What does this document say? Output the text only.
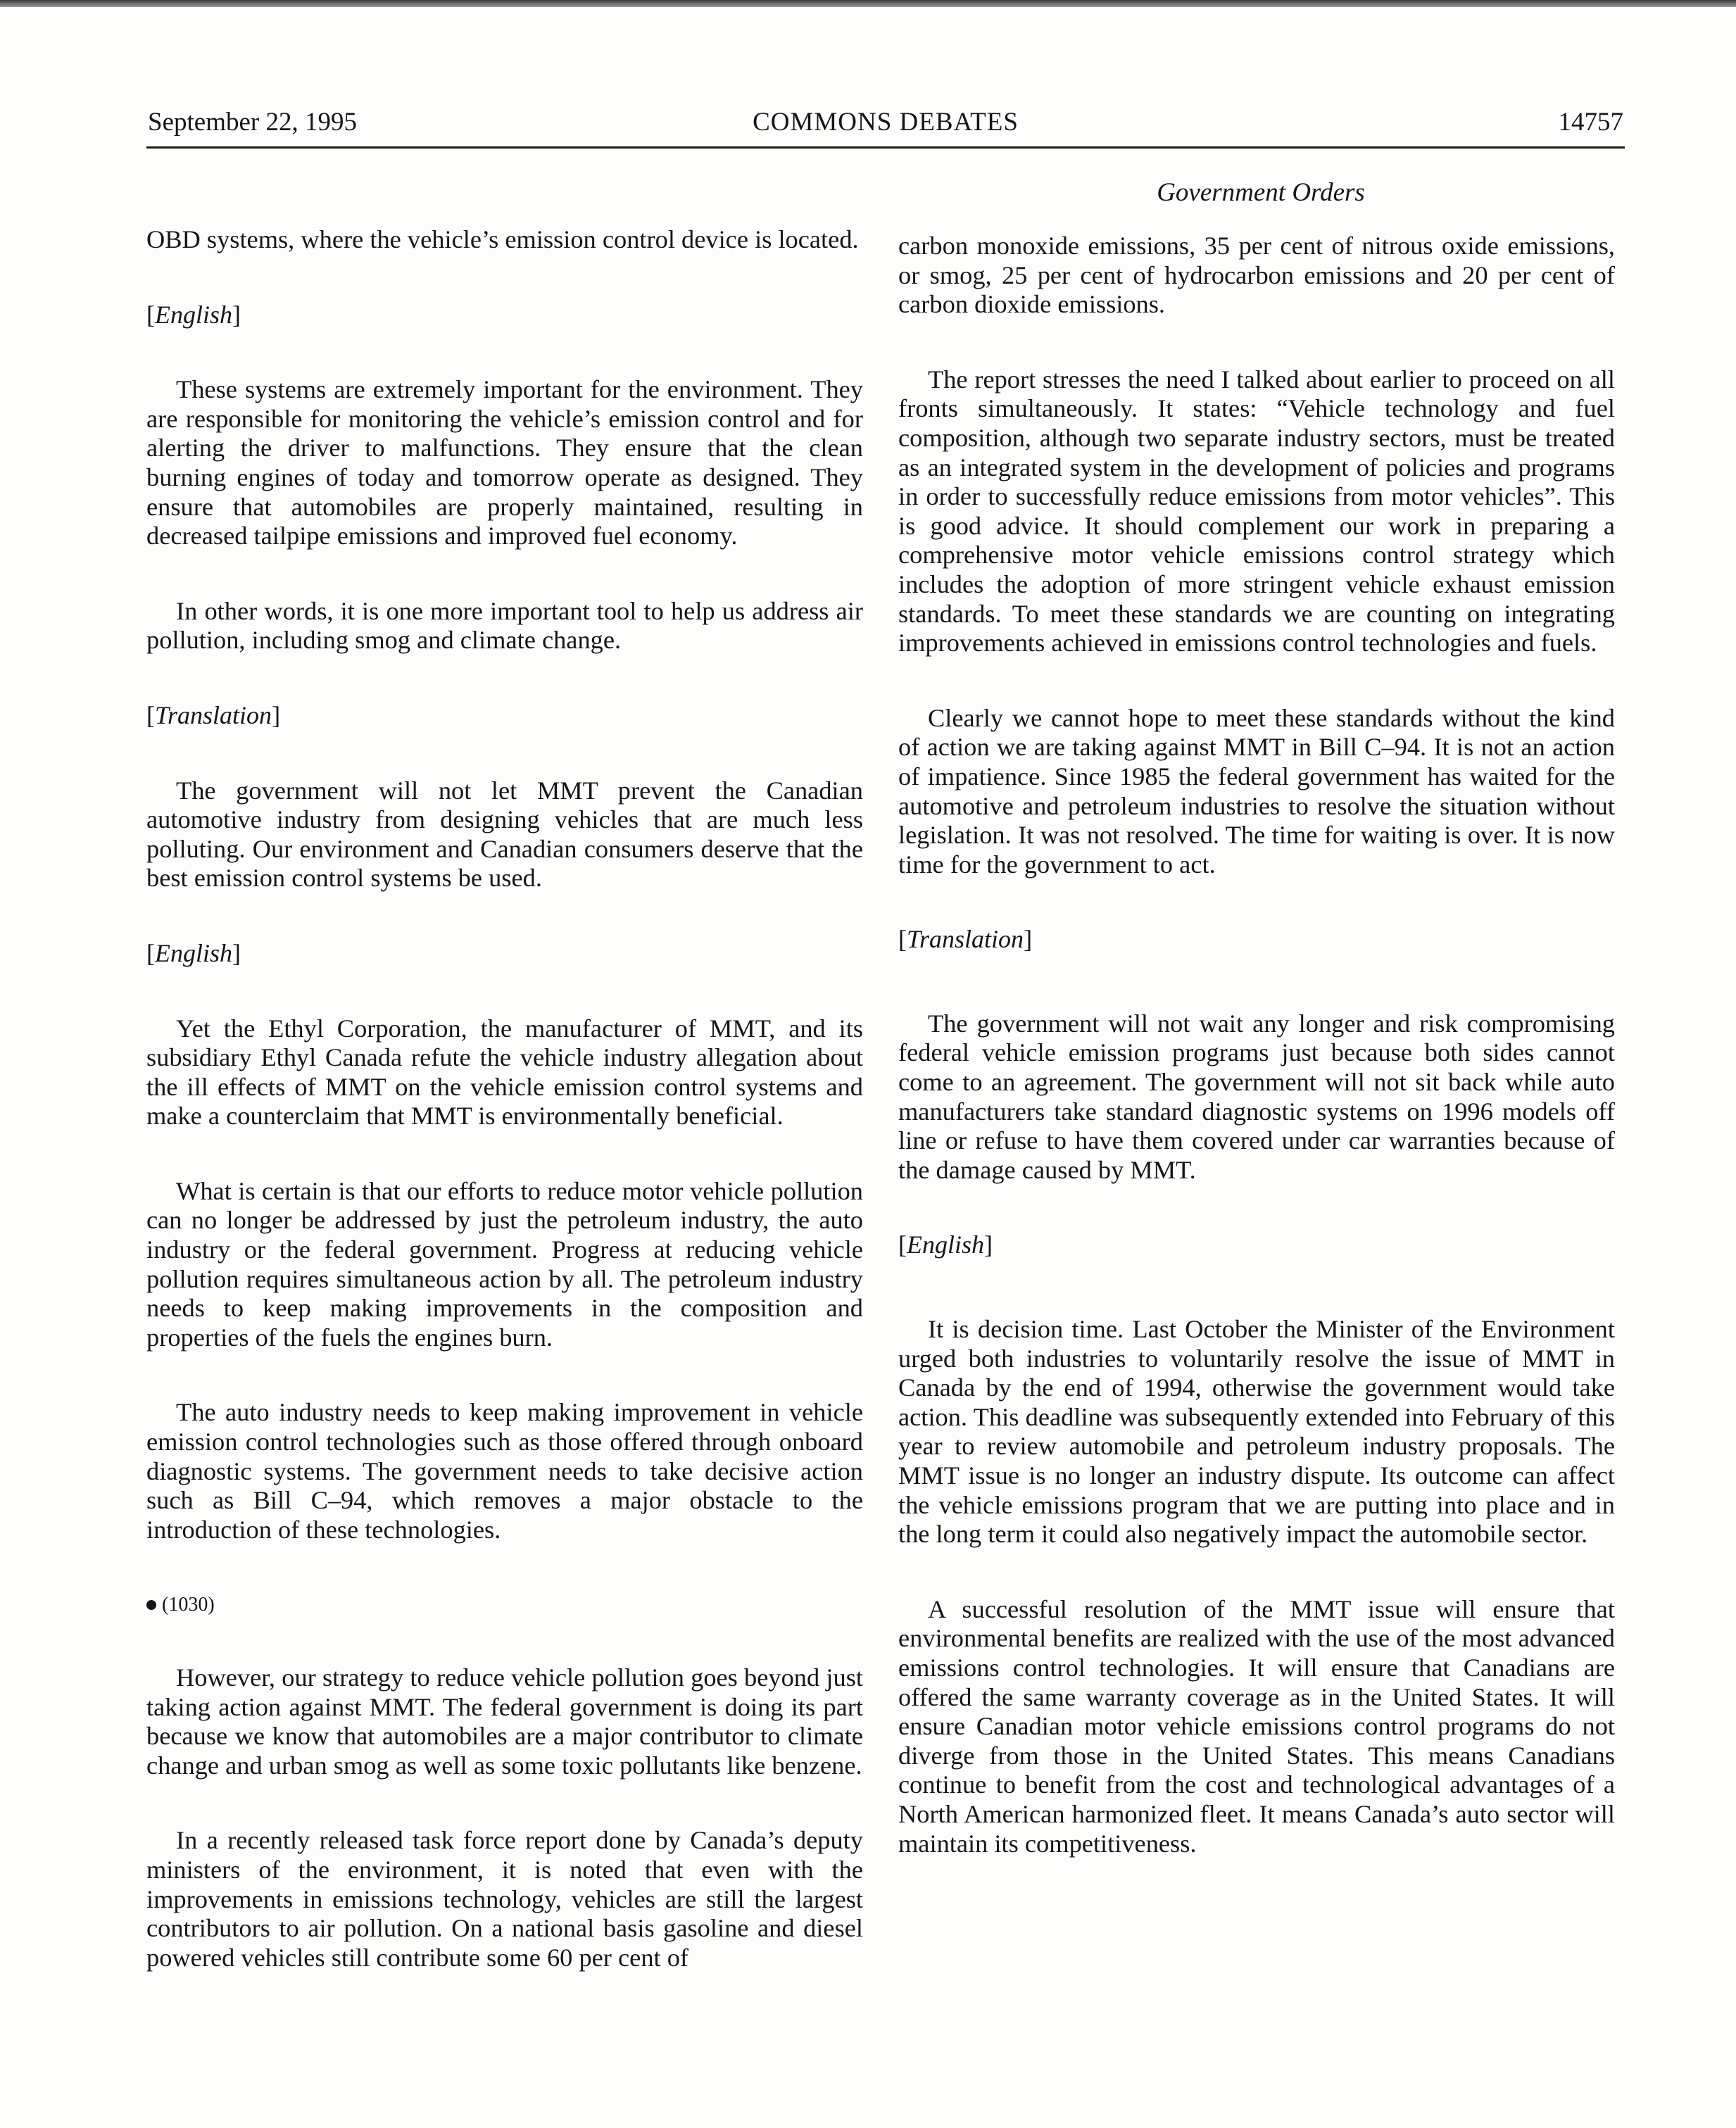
September 22, 1995	COMMONS DEBATES	14757
Government Orders

OBD systems, where the vehicle’s emission control device is located.

[English]

These systems are extremely important for the environment. They are responsible for monitoring the vehicle’s emission control and for alerting the driver to malfunctions. They ensure that the clean burning engines of today and tomorrow operate as designed. They ensure that automobiles are properly maintained, resulting in decreased tailpipe emissions and improved fuel economy.

In other words, it is one more important tool to help us address air pollution, including smog and climate change.

[Translation]

The government will not let MMT prevent the Canadian automotive industry from designing vehicles that are much less polluting. Our environment and Canadian consumers deserve that the best emission control systems be used.

[English]

Yet the Ethyl Corporation, the manufacturer of MMT, and its subsidiary Ethyl Canada refute the vehicle industry allegation about the ill effects of MMT on the vehicle emission control systems and make a counterclaim that MMT is environmentally beneficial.

What is certain is that our efforts to reduce motor vehicle pollution can no longer be addressed by just the petroleum industry, the auto industry or the federal government. Progress at reducing vehicle pollution requires simultaneous action by all. The petroleum industry needs to keep making improvements in the composition and properties of the fuels the engines burn.

The auto industry needs to keep making improvement in vehicle emission control technologies such as those offered through onboard diagnostic systems. The government needs to take decisive action such as Bill C–94, which removes a major obstacle to the introduction of these technologies.

(1030)

However, our strategy to reduce vehicle pollution goes beyond just taking action against MMT. The federal government is doing its part because we know that automobiles are a major contributor to climate change and urban smog as well as some toxic pollutants like benzene.

In a recently released task force report done by Canada’s deputy ministers of the environment, it is noted that even with the improvements in emissions technology, vehicles are still the largest contributors to air pollution. On a national basis gasoline and diesel powered vehicles still contribute some 60 per cent of

carbon monoxide emissions, 35 per cent of nitrous oxide emissions, or smog, 25 per cent of hydrocarbon emissions and 20 per cent of carbon dioxide emissions.

The report stresses the need I talked about earlier to proceed on all fronts simultaneously. It states: “Vehicle technology and fuel composition, although two separate industry sectors, must be treated as an integrated system in the development of policies and programs in order to successfully reduce emissions from motor vehicles”. This is good advice. It should complement our work in preparing a comprehensive motor vehicle emissions control strategy which includes the adoption of more stringent vehicle exhaust emission standards. To meet these standards we are counting on integrating improvements achieved in emissions control technologies and fuels.

Clearly we cannot hope to meet these standards without the kind of action we are taking against MMT in Bill C–94. It is not an action of impatience. Since 1985 the federal government has waited for the automotive and petroleum industries to resolve the situation without legislation. It was not resolved. The time for waiting is over. It is now time for the government to act.

[Translation]

The government will not wait any longer and risk compromising federal vehicle emission programs just because both sides cannot come to an agreement. The government will not sit back while auto manufacturers take standard diagnostic systems on 1996 models off line or refuse to have them covered under car warranties because of the damage caused by MMT.

[English]

It is decision time. Last October the Minister of the Environment urged both industries to voluntarily resolve the issue of MMT in Canada by the end of 1994, otherwise the government would take action. This deadline was subsequently extended into February of this year to review automobile and petroleum industry proposals. The MMT issue is no longer an industry dispute. Its outcome can affect the vehicle emissions program that we are putting into place and in the long term it could also negatively impact the automobile sector.

A successful resolution of the MMT issue will ensure that environmental benefits are realized with the use of the most advanced emissions control technologies. It will ensure that Canadians are offered the same warranty coverage as in the United States. It will ensure Canadian motor vehicle emissions control programs do not diverge from those in the United States. This means Canadians continue to benefit from the cost and technological advantages of a North American harmonized fleet. It means Canada’s auto sector will maintain its competitiveness.
